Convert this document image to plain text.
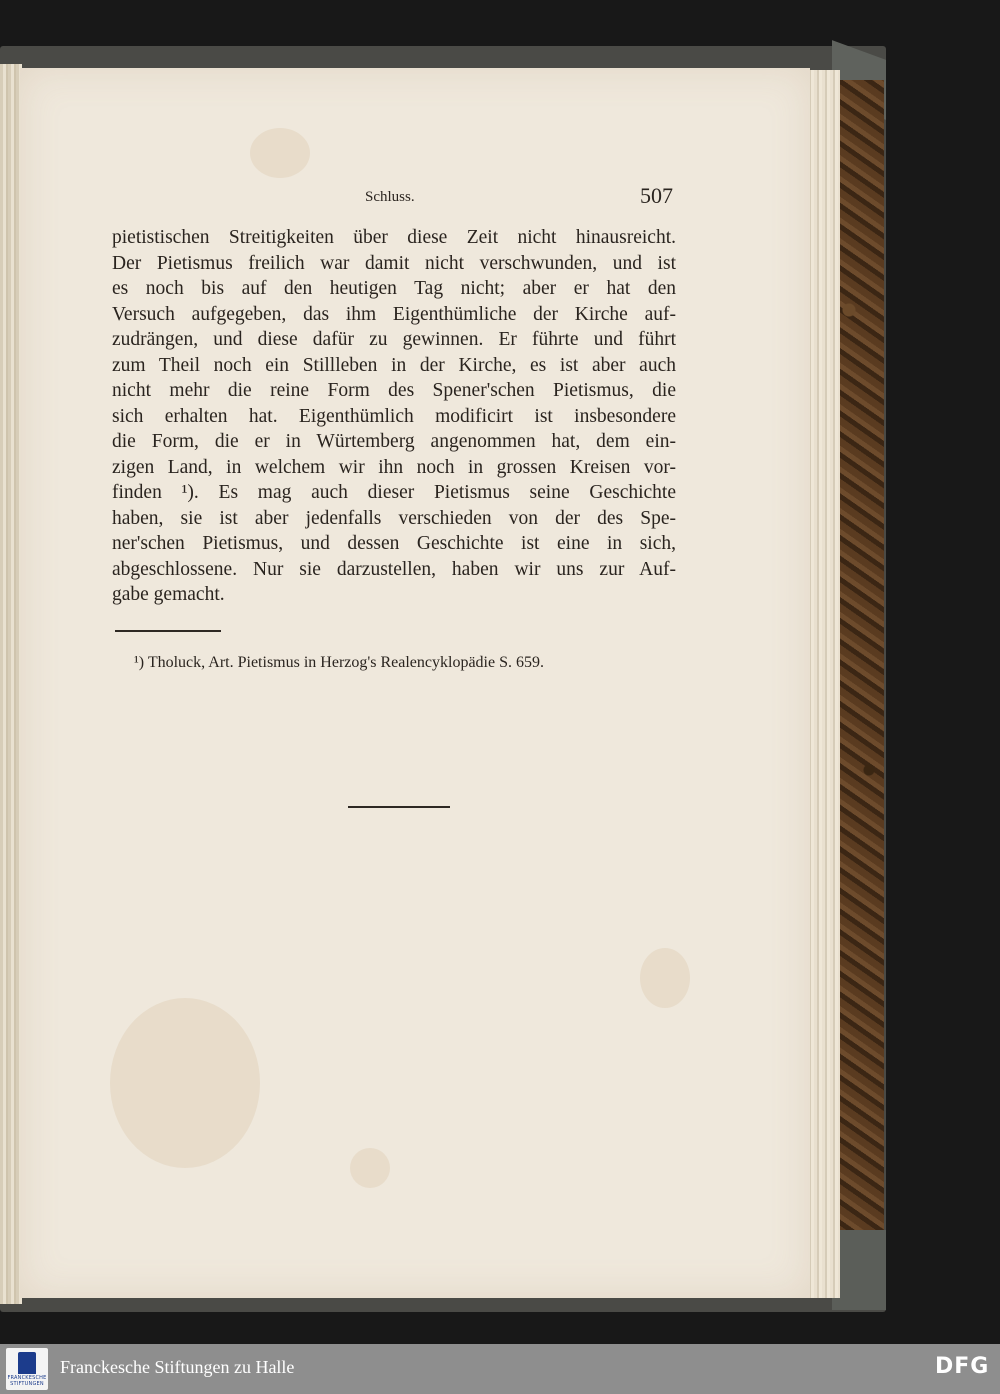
Schluss.	507
pietistischen Streitigkeiten über diese Zeit nicht hinausreicht.
Der Pietismus freilich war damit nicht verschwunden, und ist
es noch bis auf den heutigen Tag nicht; aber er hat den
Versuch aufgegeben, das ihm Eigenthümliche der Kirche auf-
zudrängen, und diese dafür zu gewinnen. Er führte und führt
zum Theil noch ein Stillleben in der Kirche, es ist aber auch
nicht mehr die reine Form des Spener'schen Pietismus, die
sich erhalten hat. Eigenthümlich modificirt ist insbesondere
die Form, die er in Würtemberg angenommen hat, dem ein-
zigen Land, in welchem wir ihn noch in grossen Kreisen vor-
finden ¹). Es mag auch dieser Pietismus seine Geschichte
haben, sie ist aber jedenfalls verschieden von der des Spe-
ner'schen Pietismus, und dessen Geschichte ist eine in sich,
abgeschlossene. Nur sie darzustellen, haben wir uns zur Auf-
gabe gemacht.
¹) Tholuck, Art. Pietismus in Herzog's Realencyklopädie S. 659.
FRANCKESCHE STIFTUNGEN
Franckesche Stiftungen zu Halle	DFG
